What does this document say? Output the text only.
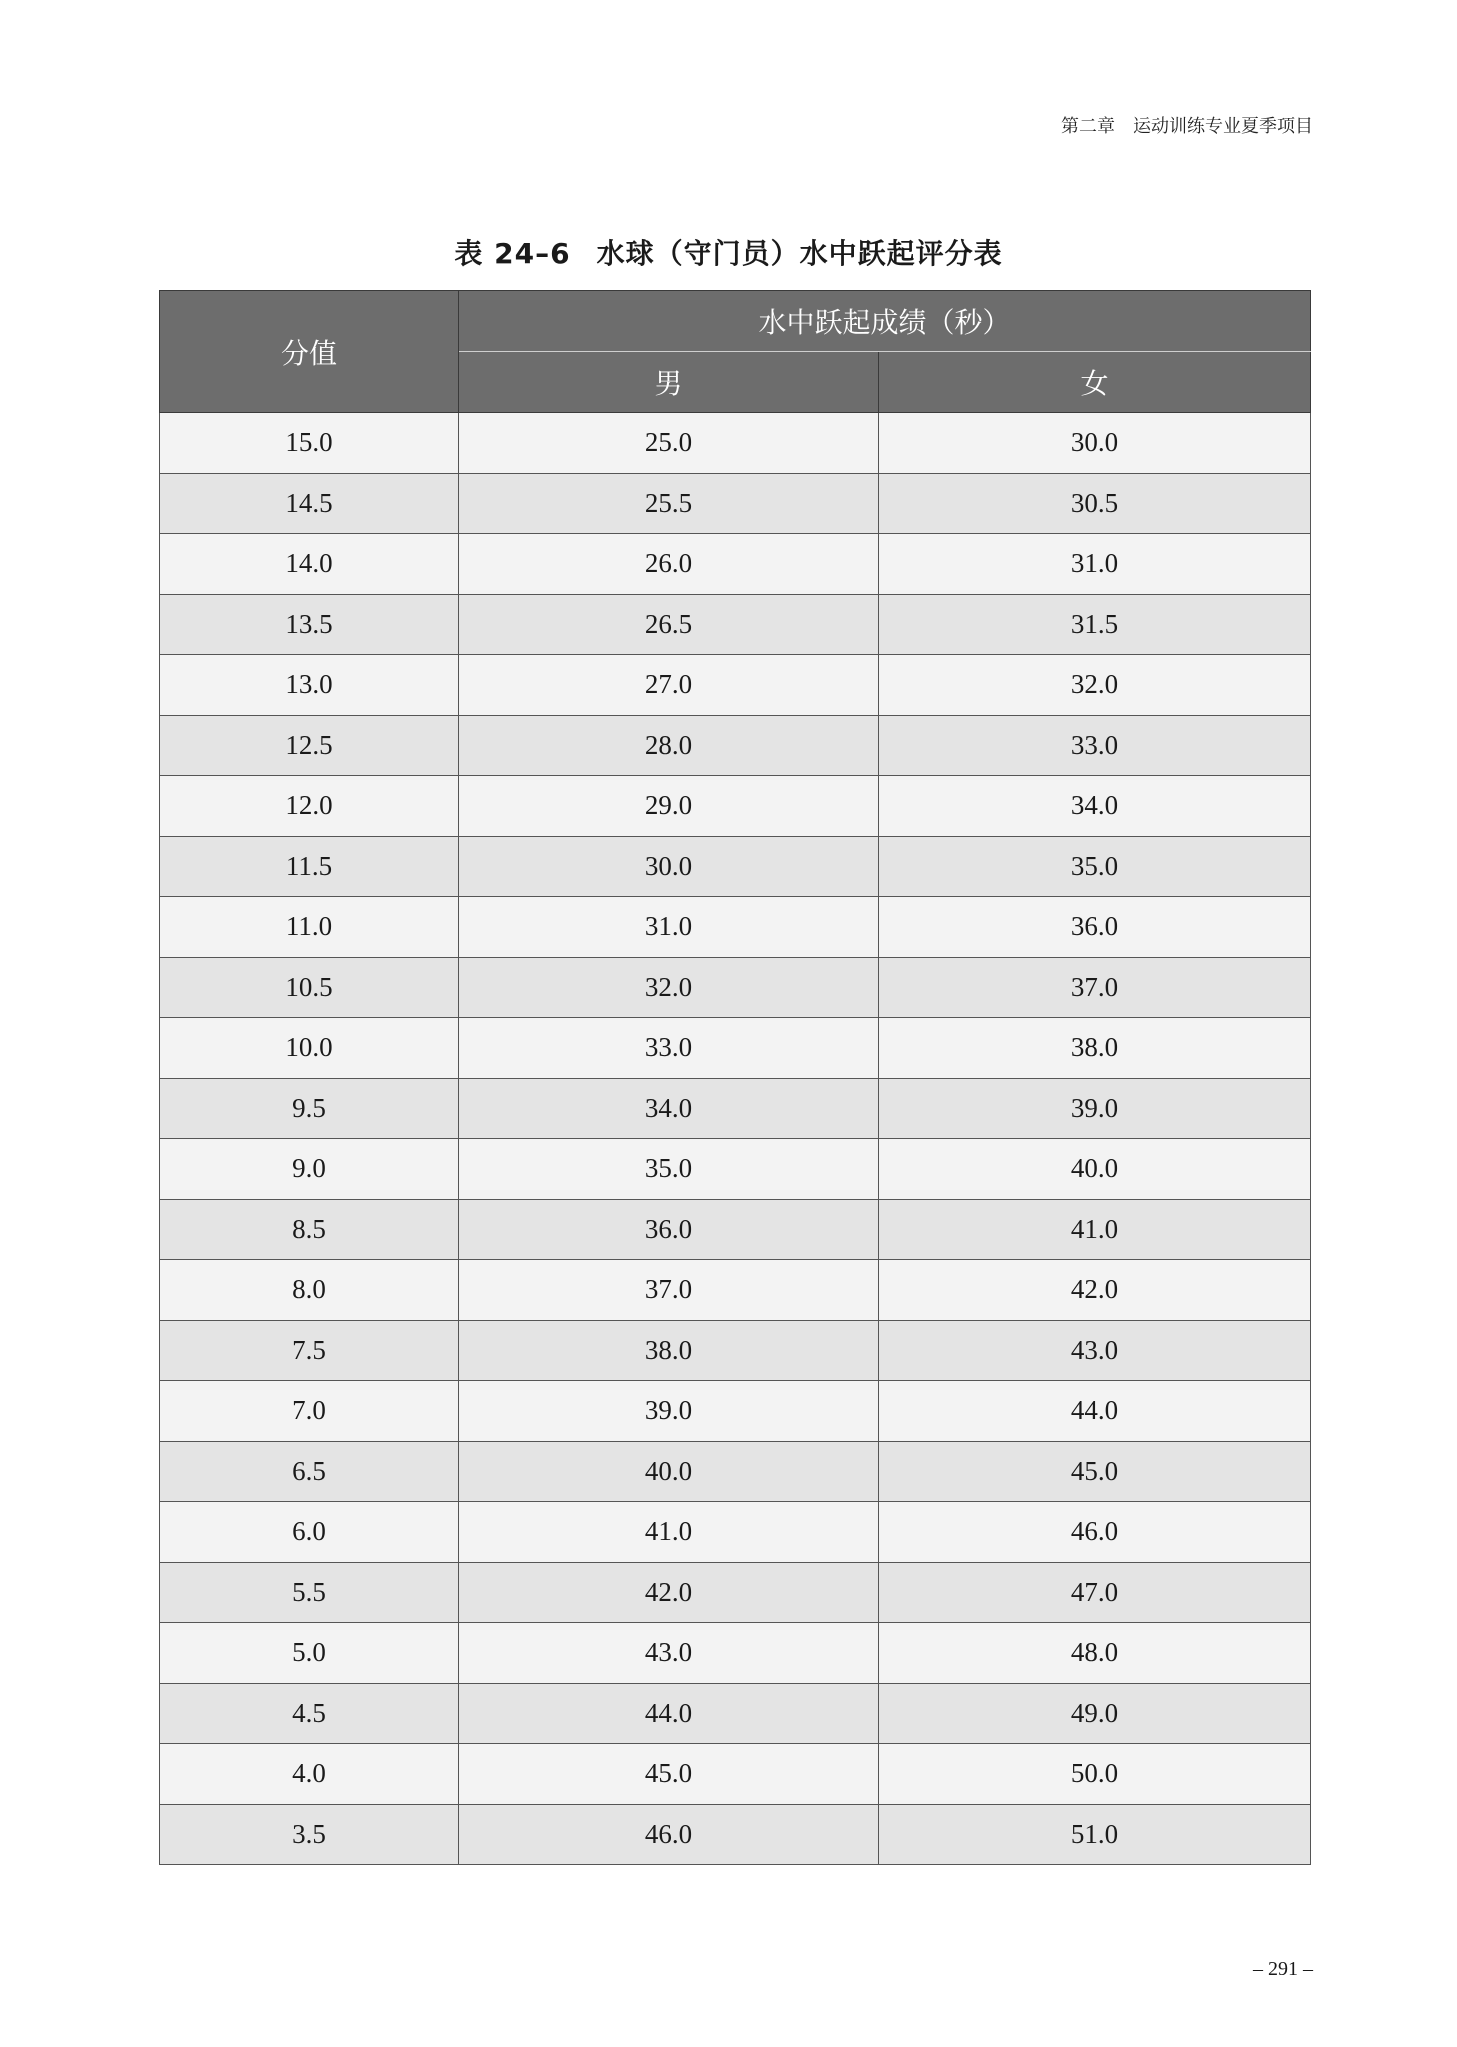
第二章　运动训练专业夏季项目
表 24–6 水球（守门员）水中跃起评分表
分值	水中跃起成绩（秒）	
	男	女
15.0	25.0	30.0
14.5	25.5	30.5
14.0	26.0	31.0
13.5	26.5	31.5
13.0	27.0	32.0
12.5	28.0	33.0
12.0	29.0	34.0
11.5	30.0	35.0
11.0	31.0	36.0
10.5	32.0	37.0
10.0	33.0	38.0
9.5	34.0	39.0
9.0	35.0	40.0
8.5	36.0	41.0
8.0	37.0	42.0
7.5	38.0	43.0
7.0	39.0	44.0
6.5	40.0	45.0
6.0	41.0	46.0
5.5	42.0	47.0
5.0	43.0	48.0
4.5	44.0	49.0
4.0	45.0	50.0
3.5	46.0	51.0
– 291 –
